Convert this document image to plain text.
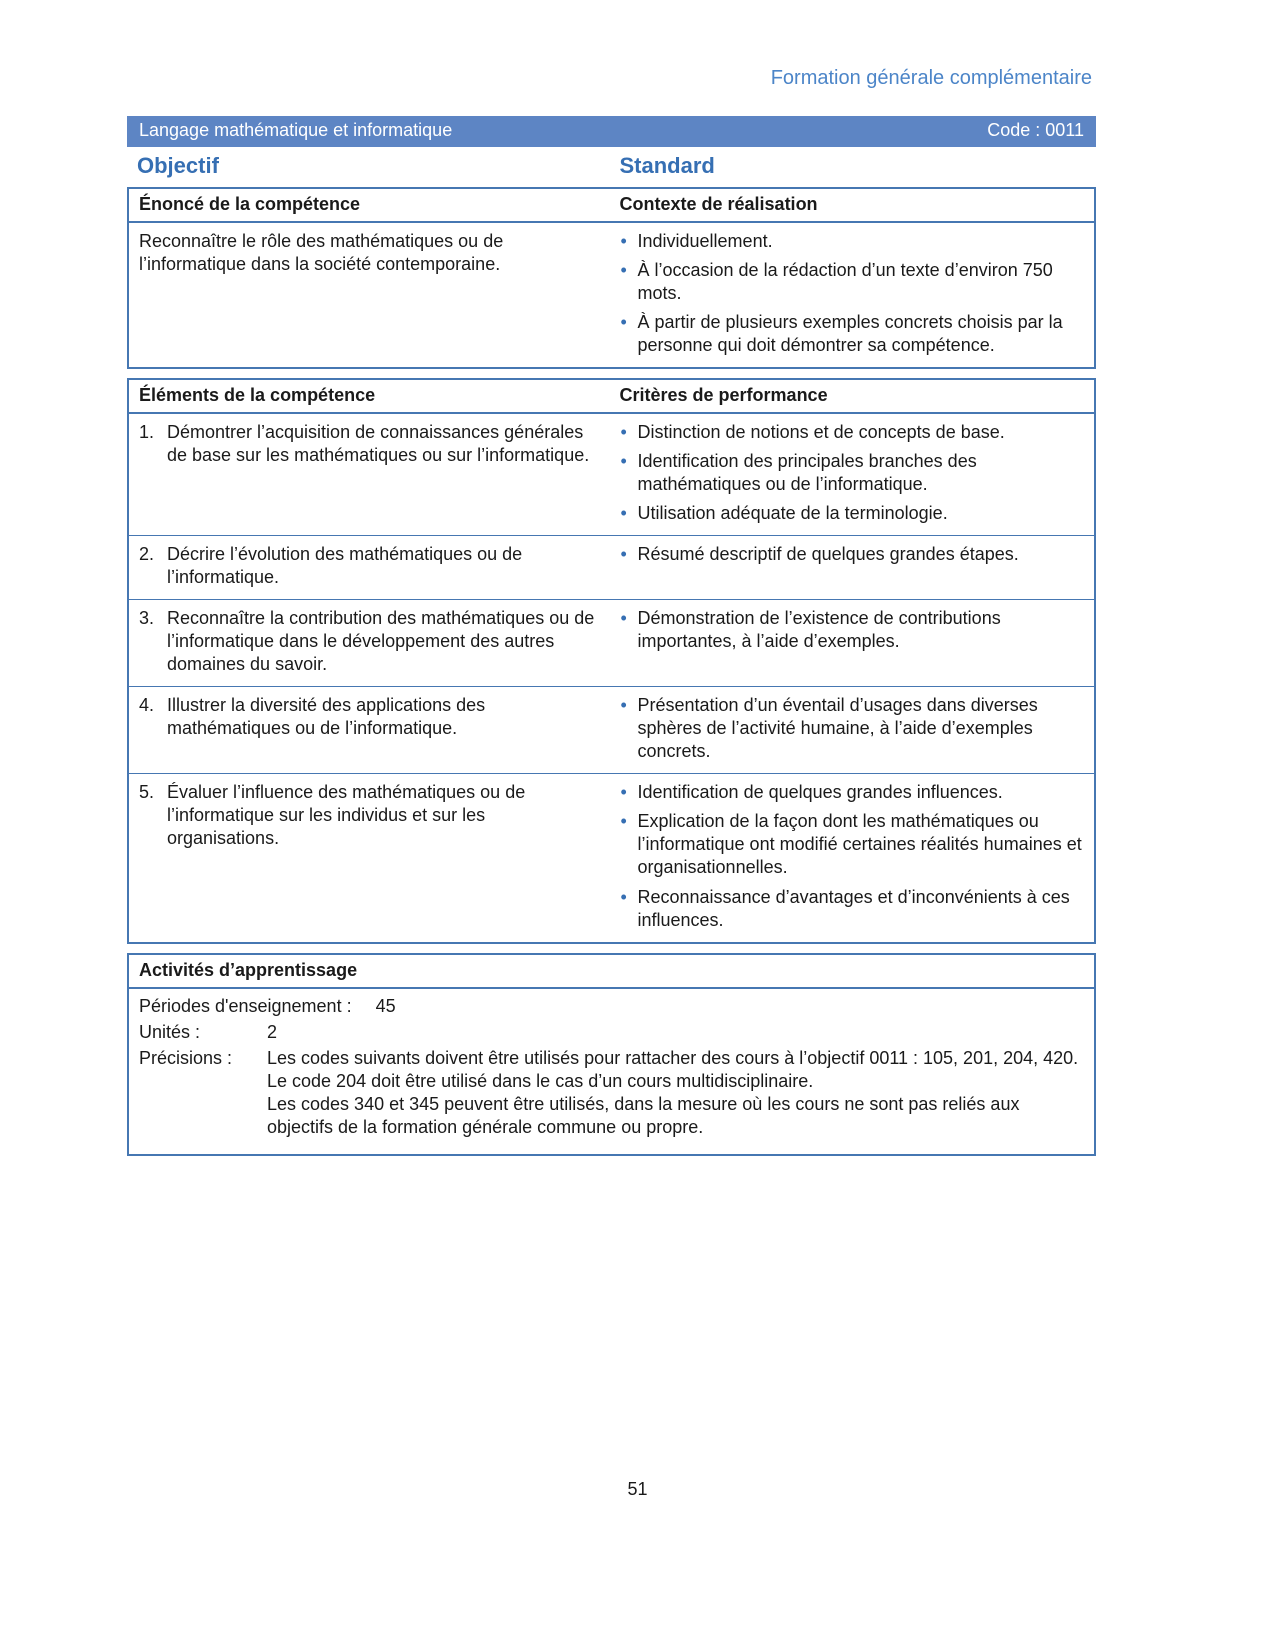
Formation générale complémentaire
Langage mathématique et informatique	Code : 0011
Objectif	Standard
Énoncé de la compétence	Contexte de réalisation
Reconnaître le rôle des mathématiques ou de l’informatique dans la société contemporaine.
• Individuellement.
• À l’occasion de la rédaction d’un texte d’environ 750 mots.
• À partir de plusieurs exemples concrets choisis par la personne qui doit démontrer sa compétence.
Éléments de la compétence	Critères de performance
1. Démontrer l’acquisition de connaissances générales de base sur les mathématiques ou sur l’informatique.
• Distinction de notions et de concepts de base.
• Identification des principales branches des mathématiques ou de l’informatique.
• Utilisation adéquate de la terminologie.
2. Décrire l’évolution des mathématiques ou de l’informatique.
• Résumé descriptif de quelques grandes étapes.
3. Reconnaître la contribution des mathématiques ou de l’informatique dans le développement des autres domaines du savoir.
• Démonstration de l’existence de contributions importantes, à l’aide d’exemples.
4. Illustrer la diversité des applications des mathématiques ou de l’informatique.
• Présentation d’un éventail d’usages dans diverses sphères de l’activité humaine, à l’aide d’exemples concrets.
5. Évaluer l’influence des mathématiques ou de l’informatique sur les individus et sur les organisations.
• Identification de quelques grandes influences.
• Explication de la façon dont les mathématiques ou l’informatique ont modifié certaines réalités humaines et organisationnelles.
• Reconnaissance d’avantages et d’inconvénients à ces influences.
Activités d’apprentissage
Périodes d'enseignement : 45
Unités :	2
Précisions :	Les codes suivants doivent être utilisés pour rattacher des cours à l’objectif 0011 : 105, 201, 204, 420.

Le code 204 doit être utilisé dans le cas d’un cours multidisciplinaire.

Les codes 340 et 345 peuvent être utilisés, dans la mesure où les cours ne sont pas reliés aux objectifs de la formation générale commune ou propre.

51
